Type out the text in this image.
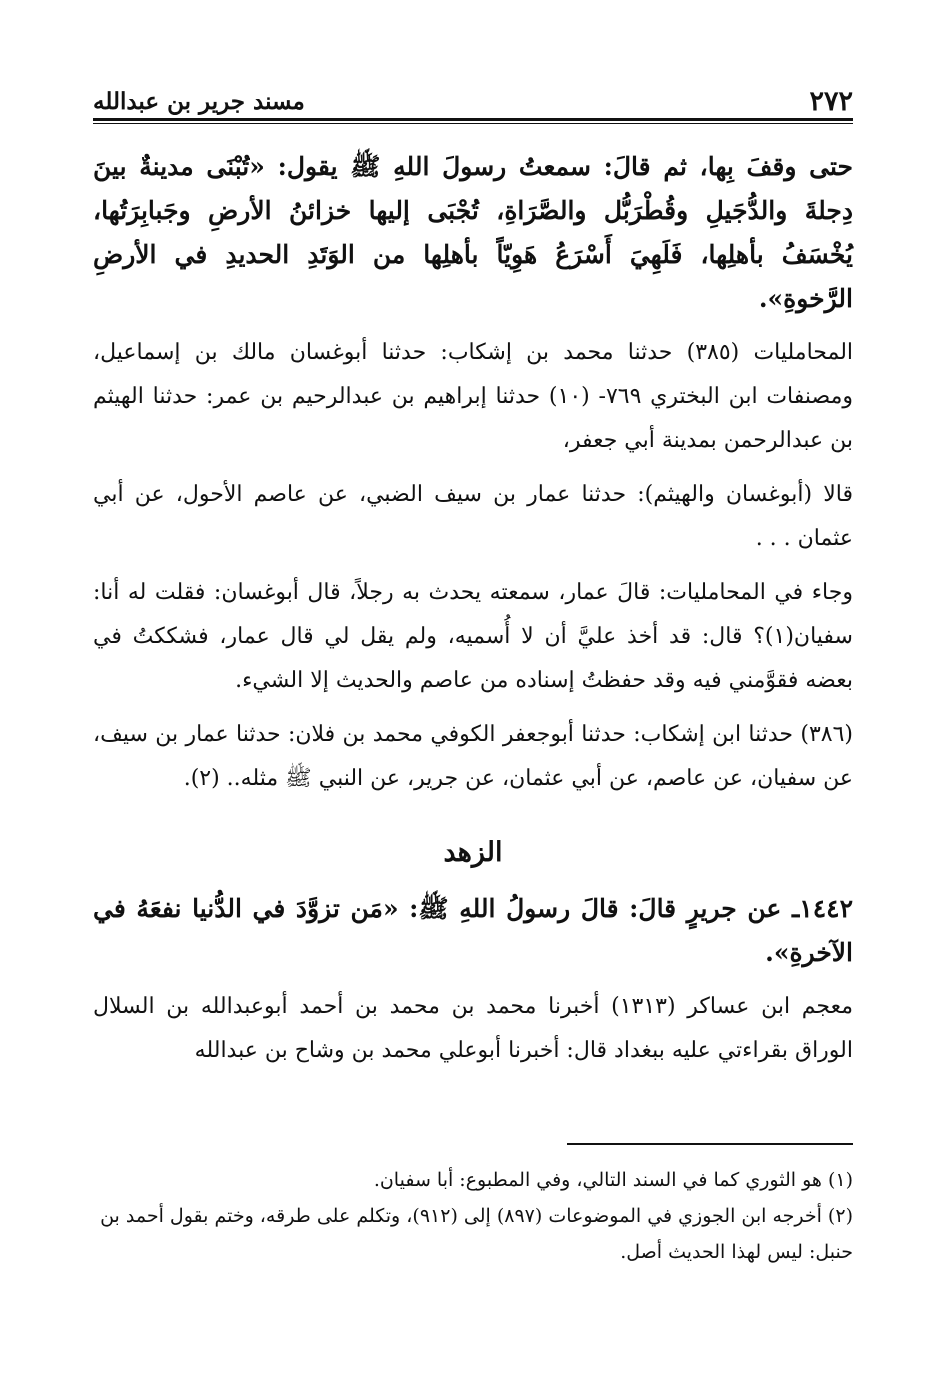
٢٧٢
مسند جرير بن عبدالله

حتى وقفَ بِها، ثم قالَ: سمعتُ رسولَ اللهِ ﷺ يقول: «تُبْنَى مدينةٌ بينَ دِجلةَ والدُّجَيلِ وقُطْرَبُّل والصَّرَاةِ، تُجْبَى إليها خزائنُ الأرضِ وجَبابِرَتُها، يُخْسَفُ بأهلِها، فَلَهِيَ أَسْرَعُ هَوِيّاً بأهلِها من الوَتَدِ الحديدِ في الأرضِ الرَّخوةِ».

المحامليات (٣٨٥) حدثنا محمد بن إشكاب: حدثنا أبوغسان مالك بن إسماعيل، ومصنفات ابن البختري ٧٦٩- (١٠) حدثنا إبراهيم بن عبدالرحيم بن عمر: حدثنا الهيثم بن عبدالرحمن بمدينة أبي جعفر،

قالا (أبوغسان والهيثم): حدثنا عمار بن سيف الضبي، عن عاصم الأحول، عن أبي عثمان . . .

وجاء في المحامليات: قالَ عمار، سمعته يحدث به رجلاً، قال أبوغسان: فقلت له أنا: سفيان(١)؟ قال: قد أخذ عليَّ أن لا أُسميه، ولم يقل لي قال عمار، فشككتُ في بعضه فقوَّمني فيه وقد حفظتُ إسناده من عاصم والحديث إلا الشيء.

(٣٨٦) حدثنا ابن إشكاب: حدثنا أبوجعفر الكوفي محمد بن فلان: حدثنا عمار بن سيف، عن سفيان، عن عاصم، عن أبي عثمان، عن جرير، عن النبي ﷺ مثله.. (٢).

الزهد

١٤٤٢ـ عن جريرٍ قالَ: قالَ رسولُ اللهِ ﷺ: «مَن تزوَّدَ في الدُّنيا نفعَهُ في الآخرةِ».

معجم ابن عساكر (١٣١٣) أخبرنا محمد بن محمد بن أحمد أبوعبدالله بن السلال الوراق بقراءتي عليه ببغداد قال: أخبرنا أبوعلي محمد بن وشاح بن عبدالله

(١) هو الثوري كما في السند التالي، وفي المطبوع: أبا سفيان.

(٢) أخرجه ابن الجوزي في الموضوعات (٨٩٧) إلى (٩١٢)، وتكلم على طرقه، وختم بقول أحمد بن حنبل: ليس لهذا الحديث أصل.
